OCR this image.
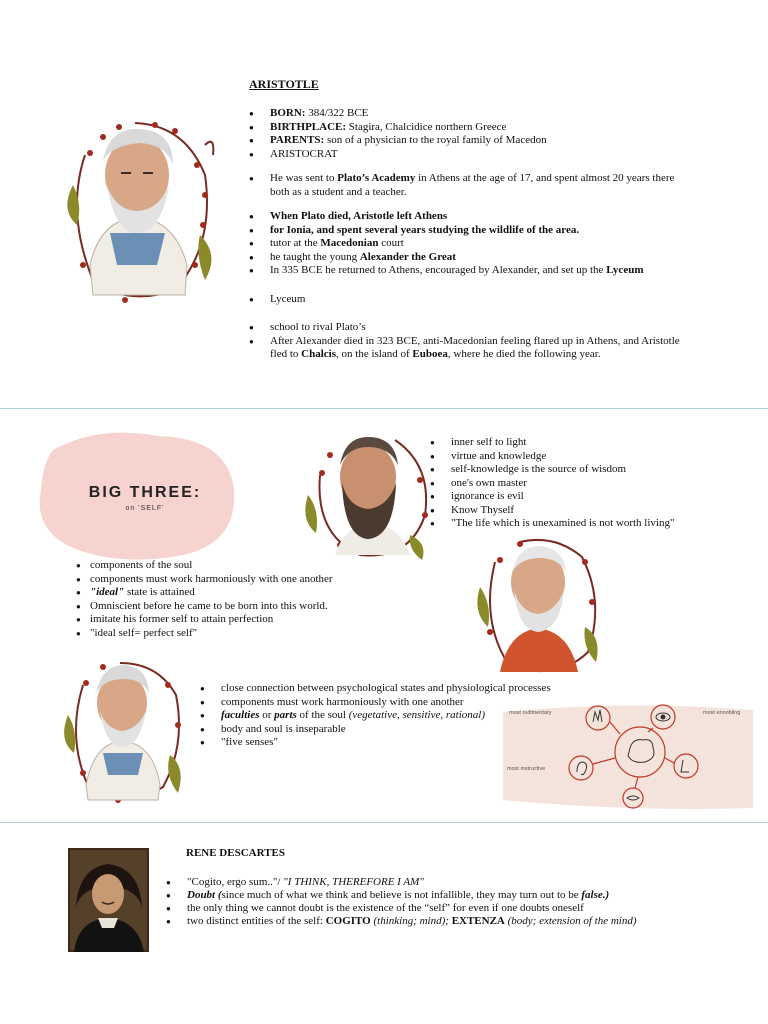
ARISTOTLE
● BORN: 384/322 BCE
● BIRTHPLACE: Stagira, Chalcidice northern Greece
● PARENTS: son of a physician to the royal family of Macedon
● ARISTOCRAT
● He was sent to Plato’s Academy in Athens at the age of 17, and spent almost 20 years there both as a student and a teacher.
● When Plato died, Aristotle left Athens
● for Ionia, and spent several years studying the wildlife of the area.
● tutor at the Macedonian court
● he taught the young Alexander the Great
● In 335 BCE he returned to Athens, encouraged by Alexander, and set up the Lyceum
● Lyceum
● school to rival Plato’s
● After Alexander died in 323 BCE, anti-Macedonian feeling flared up in Athens, and Aristotle fled to Chalcis, on the island of Euboea, where he died the following year.
BIG THREE:
on 'SELF'
● inner self to light
● virtue and knowledge
● self-knowledge is the source of wisdom
● one's own master
● ignorance is evil
● Know Thyself
● "The life which is unexamined is not worth living"
● components of the soul
● components must work harmoniously with one another
● "ideal" state is attained
● Omniscient before he came to be born into this world.
● imitate his former self to attain perfection
● "ideal self= perfect self"
● close connection between psychological states and physiological processes
● components must work harmoniously with one another
● faculties or parts of the soul (vegetative, sensitive, rational)
● body and soul is inseparable
● "five senses"
most rudimentary	most ennobling
most instructive
RENE DESCARTES
● "Cogito, ergo sum.."/ "I THINK, THEREFORE I AM"
● Doubt (since much of what we think and believe is not infallible, they may turn out to be false.)
● the only thing we cannot doubt is the existence of the “self” for even if one doubts oneself
● two distinct entities of the self: COGITO (thinking; mind); EXTENZA (body; extension of the mind)
